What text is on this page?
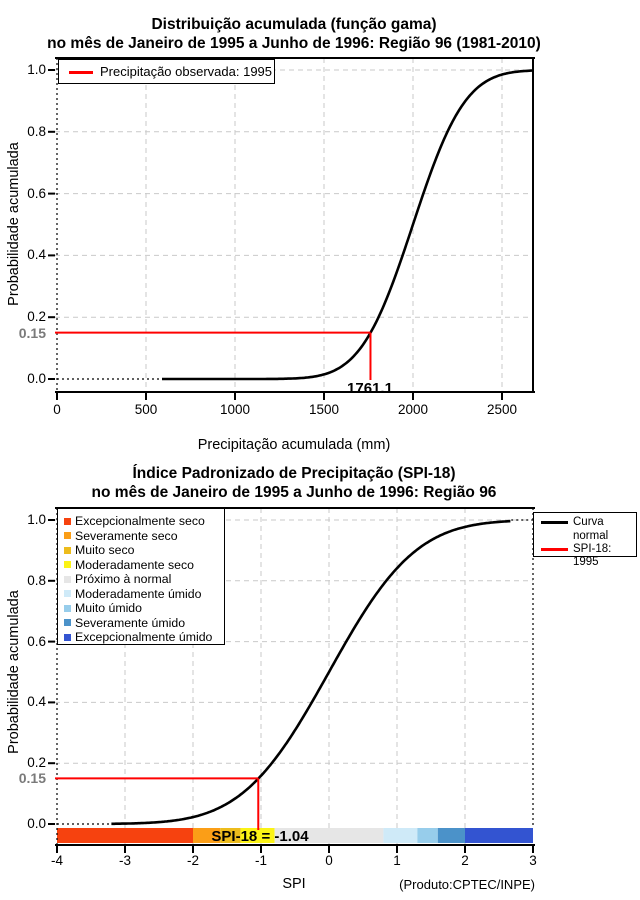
Distribuição acumulada (função gama)
no mês de Janeiro de 1995 a Junho de 1996: Região 96 (1981-2010)
Probabilidade acumulada
Precipitação acumulada (mm)
0.15
1761.1
Precipitação observada: 1995
Índice Padronizado de Precipitação (SPI-18)
no mês de Janeiro de 1995 a Junho de 1996: Região 96
Probabilidade acumulada
SPI
0.15
SPI-18 = -1.04
(Produto:CPTEC/INPE)
Excepcionalmente seco
Severamente seco
Muito seco
Moderadamente seco
Próximo à normal
Moderadamente úmido
Muito úmido
Severamente úmido
Excepcionalmente úmido
Curva
normal
SPI-18: 1995
0	500	1000	1500	2000	2500
0.0
0.2
0.4
0.6
0.8
1.0
-4	-3	-2	-1	0	1	2	3
0.0
0.2
0.4
0.6
0.8
1.0
